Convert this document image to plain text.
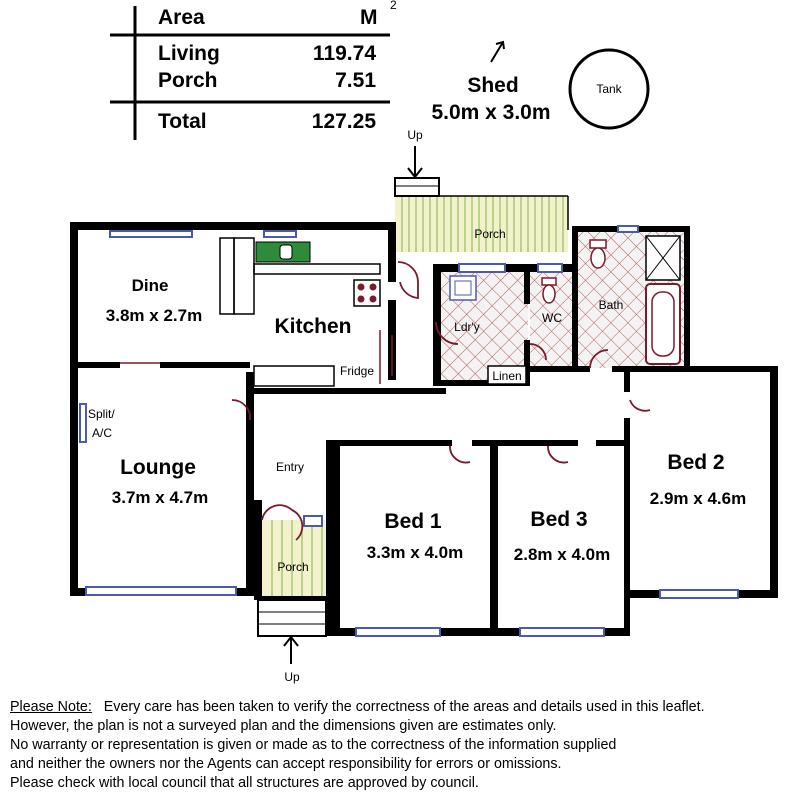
Area	M
2
Living	119.74
Porch	7.51
Total	127.25
Shed
5.0m x 3.0m
Tank
Porch
Up
Up
Dine
3.8m x 2.7m	Kitchen
Fridge
Ldr'y
WC
Bath
Linen
Split/
A/C
Lounge
3.7m x 4.7m
Entry
Porch
Bed 1
3.3m x 4.0m
Bed 3
2.8m x 4.0m
Bed 2
2.9m x 4.6m
Please Note:   Every care has been taken to verify the correctness of the areas and details used in this leaflet.
However, the plan is not a surveyed plan and the dimensions given are estimates only.
No warranty or representation is given or made as to the correctness of the information supplied
and neither the owners nor the Agents can accept responsibility for errors or omissions.
Please check with local council that all structures are approved by council.
